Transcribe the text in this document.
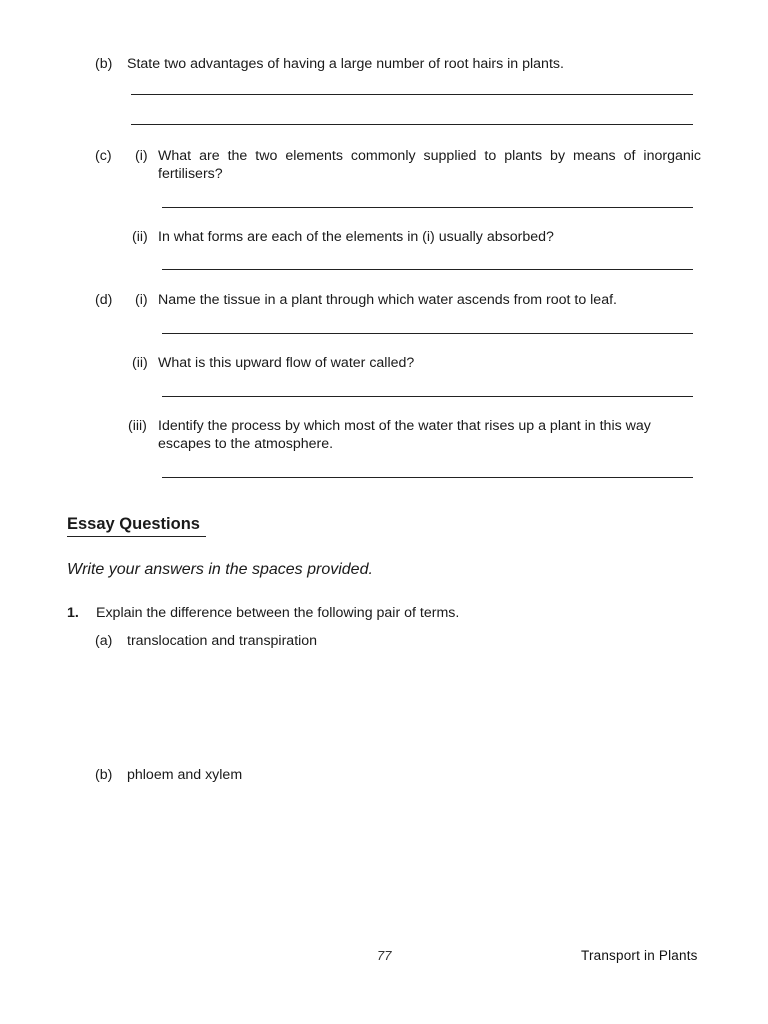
(b) State two advantages of having a large number of root hairs in plants.
(c) (i) What are the two elements commonly supplied to plants by means of inorganic fertilisers?
(ii) In what forms are each of the elements in (i) usually absorbed?
(d) (i) Name the tissue in a plant through which water ascends from root to leaf.
(ii) What is this upward flow of water called?
(iii) Identify the process by which most of the water that rises up a plant in this way escapes to the atmosphere.
Essay Questions
Write your answers in the spaces provided.
1. Explain the difference between the following pair of terms.
(a) translocation and transpiration
(b) phloem and xylem
77	Transport in Plants
